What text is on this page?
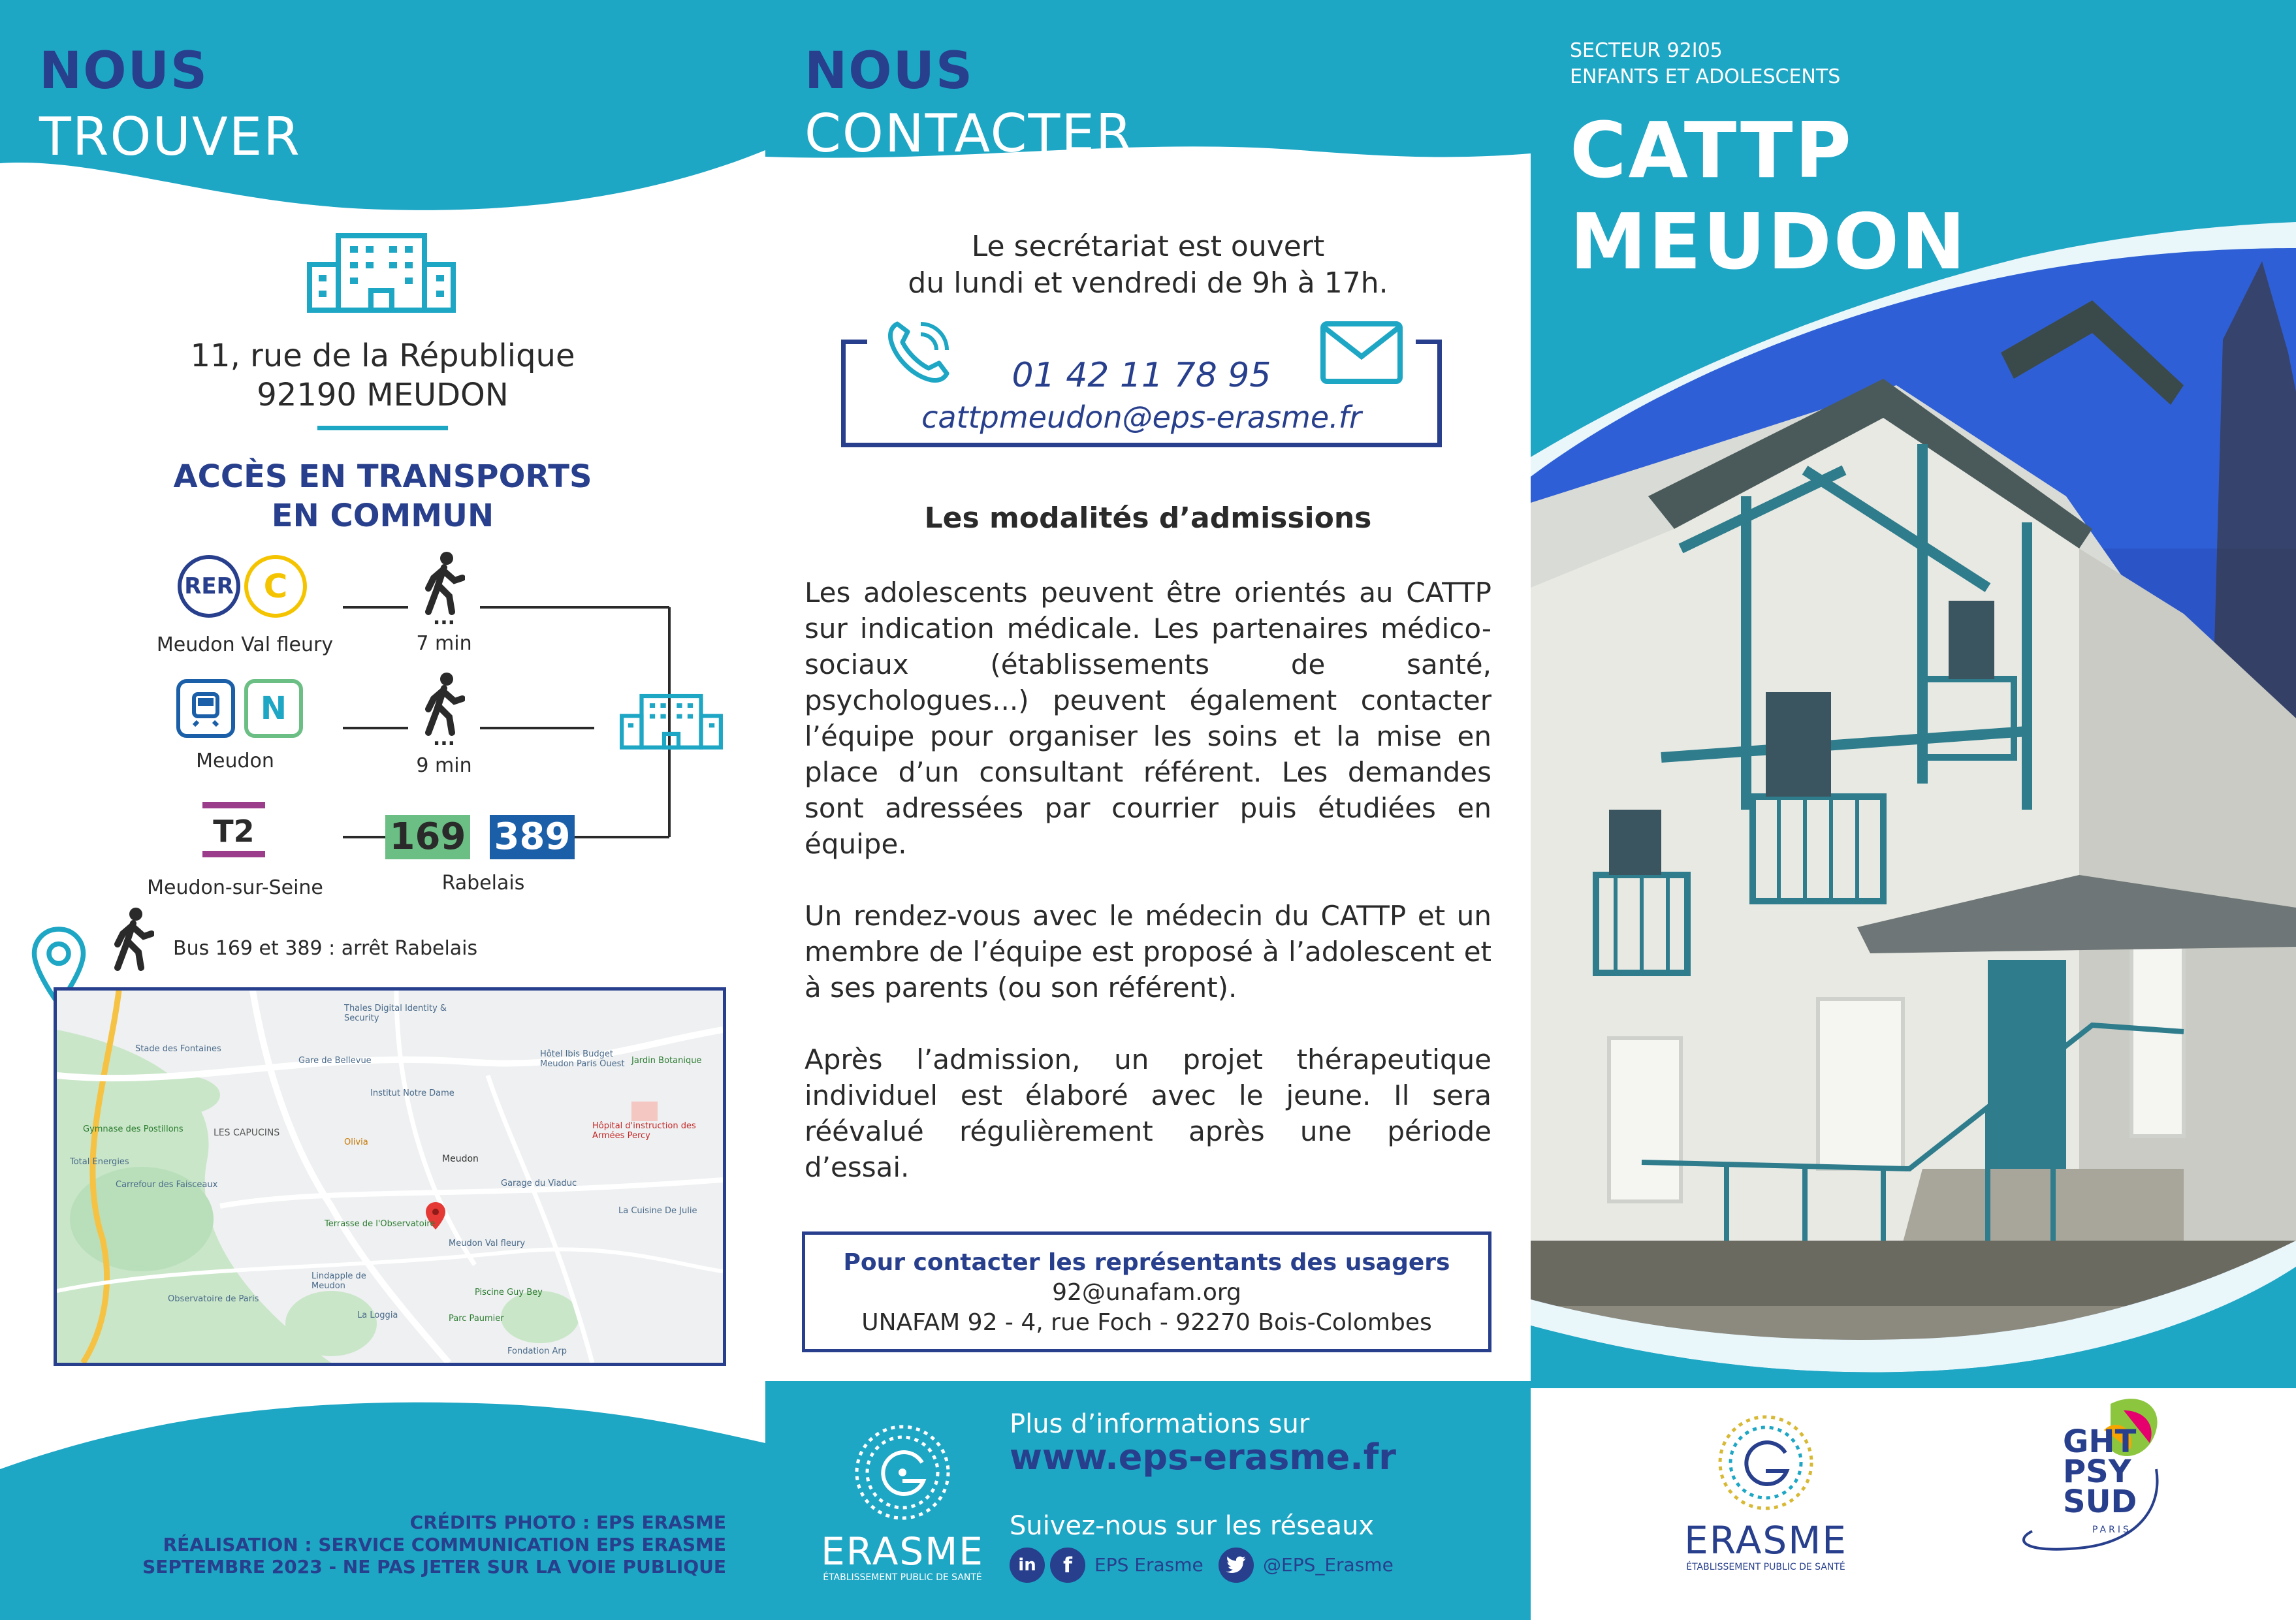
NOUS
TROUVER
11, rue de la République
92190 MEUDON
ACCÈS EN TRANSPORTS
EN COMMUN
RER C
Meudon Val fleury
...
7 min
N
Meudon
...
9 min
T2
Meudon-sur-Seine
169 389
Rabelais
Bus 169 et 389 : arrêt Rabelais
Stade des Fontaines
Thales Digital Identity & Security
Gare de Bellevue
Hôtel Ibis Budget Meudon Paris Ouest Jardin Botanique
Institut Notre Dame
Gymnase des Postillons	LES CAPUCINS
Olivia
Meudon
Hôpital d'instruction des Armées Percy
Total Energies
Carrefour des Faisceaux	Garage du Viaduc
Terrasse de l'Observatoire
Meudon Val fleury
Observatoire de Paris
Piscine Guy Bey
Parc Paumier
La Loggia
Fondation Arp
Lindapple de Meudon
La Cuisine De Julie
CRÉDITS PHOTO : EPS ERASME
RÉALISATION : SERVICE COMMUNICATION EPS ERASME
SEPTEMBRE 2023 - NE PAS JETER SUR LA VOIE PUBLIQUE
NOUS
CONTACTER
Le secrétariat est ouvert
du lundi et vendredi de 9h à 17h.
01 42 11 78 95
cattpmeudon@eps-erasme.fr
Les modalités d’admissions
Les adolescents peuvent être orientés au CATTP sur indication médicale. Les partenaires médico-sociaux (établissements de santé, psychologues...) peuvent également contacter l’équipe pour organiser les soins et la mise en place d’un consultant référent. Les demandes sont adressées par courrier puis étudiées en équipe.
Un rendez-vous avec le médecin du CATTP et un membre de l’équipe est proposé à l’adolescent et à ses parents (ou son référent).
Après l’admission, un projet thérapeutique individuel est élaboré avec le jeune. Il sera réévalué régulièrement après une période d’essai.
Pour contacter les représentants des usagers
92@unafam.org
UNAFAM 92 - 4, rue Foch - 92270 Bois-Colombes
ERASME
ÉTABLISSEMENT PUBLIC DE SANTÉ
Plus d’informations sur
www.eps-erasme.fr
Suivez-nous sur les réseaux
in	f	EPS Erasme	@EPS_Erasme
SECTEUR 92I05
ENFANTS ET ADOLESCENTS
CATTP
MEUDON
ERASME
ÉTABLISSEMENT PUBLIC DE SANTÉ
GHT
PSY
SUD
PARIS
